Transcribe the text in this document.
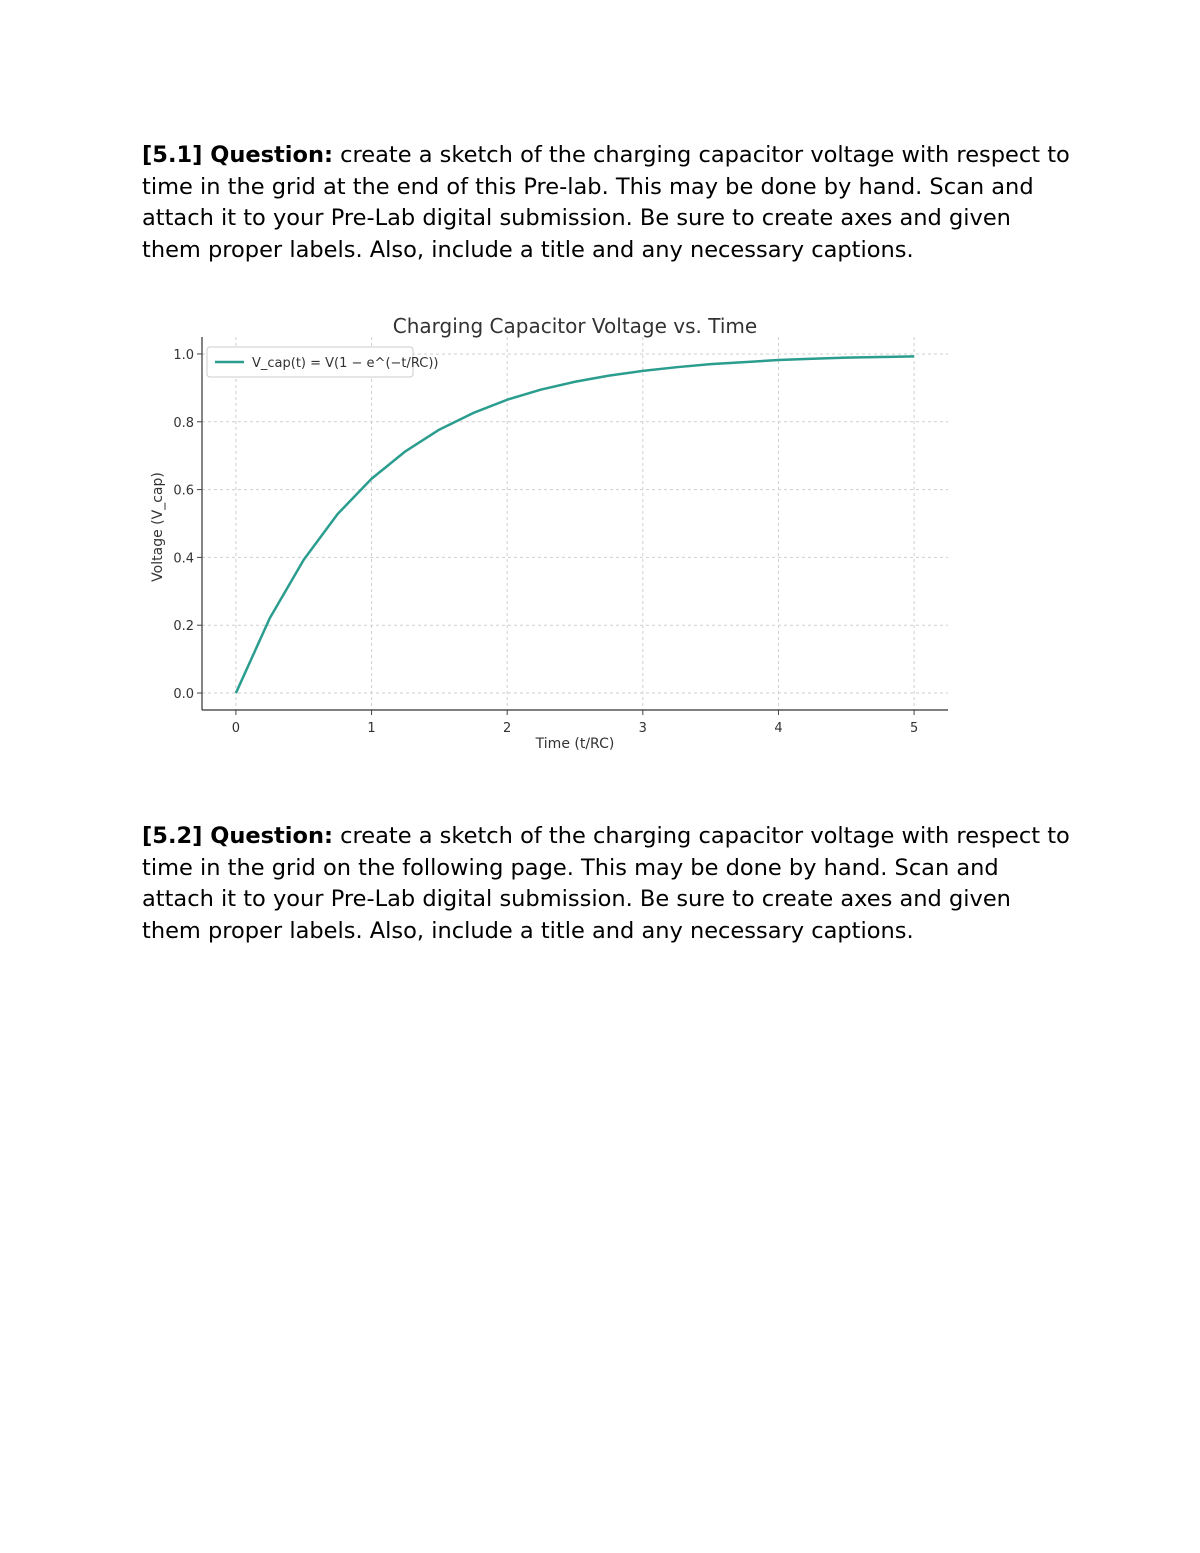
[5.1] Question: create a sketch of the charging capacitor voltage with respect to time in the grid at the end of this Pre-lab. This may be done by hand. Scan and attach it to your Pre-Lab digital submission. Be sure to create axes and given them proper labels. Also, include a title and any necessary captions.

0	1	2	3	4	5
0.0
0.2
0.4
0.6
0.8
1.0
Charging Capacitor Voltage vs. Time
Time (t/RC)
Voltage (V_cap)
V_cap(t) = V(1 − e^(−t/RC))

[5.2] Question: create a sketch of the charging capacitor voltage with respect to time in the grid on the following page. This may be done by hand. Scan and attach it to your Pre-Lab digital submission. Be sure to create axes and given them proper labels. Also, include a title and any necessary captions.
